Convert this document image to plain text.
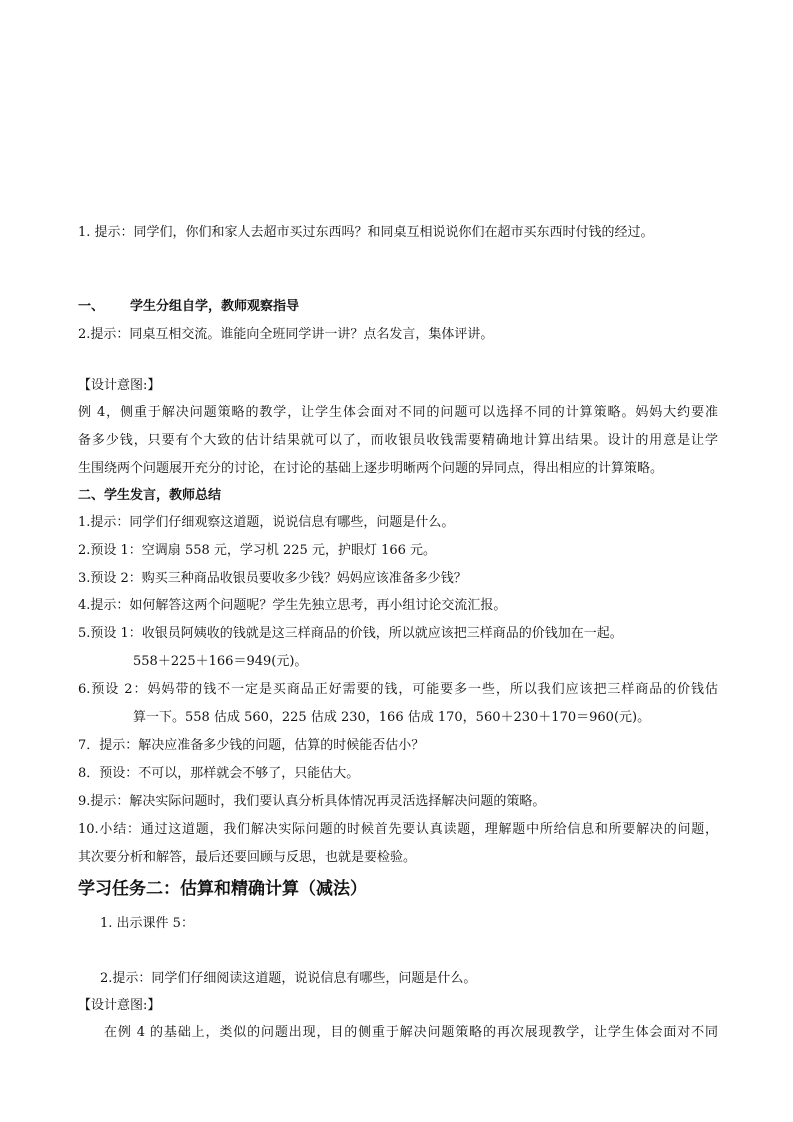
1. 提示：同学们，你们和家人去超市买过东西吗？和同桌互相说说你们在超市买东西时付钱的经过。
一、 学生分组自学，教师观察指导
2.提示：同桌互相交流。谁能向全班同学讲一讲？点名发言，集体评讲。
【设计意图:】
例 4，侧重于解决问题策略的教学，让学生体会面对不同的问题可以选择不同的计算策略。妈妈大约要准
备多少钱，只要有个大致的估计结果就可以了，而收银员收钱需要精确地计算出结果。设计的用意是让学
生围绕两个问题展开充分的讨论，在讨论的基础上逐步明晰两个问题的异同点，得出相应的计算策略。
二、学生发言，教师总结
1.提示：同学们仔细观察这道题，说说信息有哪些，问题是什么。
2.预设 1：空调扇 558 元，学习机 225 元，护眼灯 166 元。
3.预设 2：购买三种商品收银员要收多少钱？妈妈应该准备多少钱？
4.提示：如何解答这两个问题呢？学生先独立思考，再小组讨论交流汇报。
5.预设 1：收银员阿姨收的钱就是这三样商品的价钱，所以就应该把三样商品的价钱加在一起。
558＋225＋166＝949(元)。
6.预设 2：妈妈带的钱不一定是买商品正好需要的钱，可能要多一些，所以我们应该把三样商品的价钱估
算一下。558 估成 560，225 估成 230，166 估成 170，560＋230＋170＝960(元)。
7．提示：解决应准备多少钱的问题，估算的时候能否估小？
8．预设：不可以，那样就会不够了，只能估大。
9.提示：解决实际问题时，我们要认真分析具体情况再灵活选择解决问题的策略。
10.小结：通过这道题，我们解决实际问题的时候首先要认真读题，理解题中所给信息和所要解决的问题，
其次要分析和解答，最后还要回顾与反思，也就是要检验。
学习任务二：估算和精确计算（减法）
1. 出示课件 5：
2.提示：同学们仔细阅读这道题，说说信息有哪些，问题是什么。
【设计意图:】
在例 4 的基础上，类似的问题出现，目的侧重于解决问题策略的再次展现教学，让学生体会面对不同
